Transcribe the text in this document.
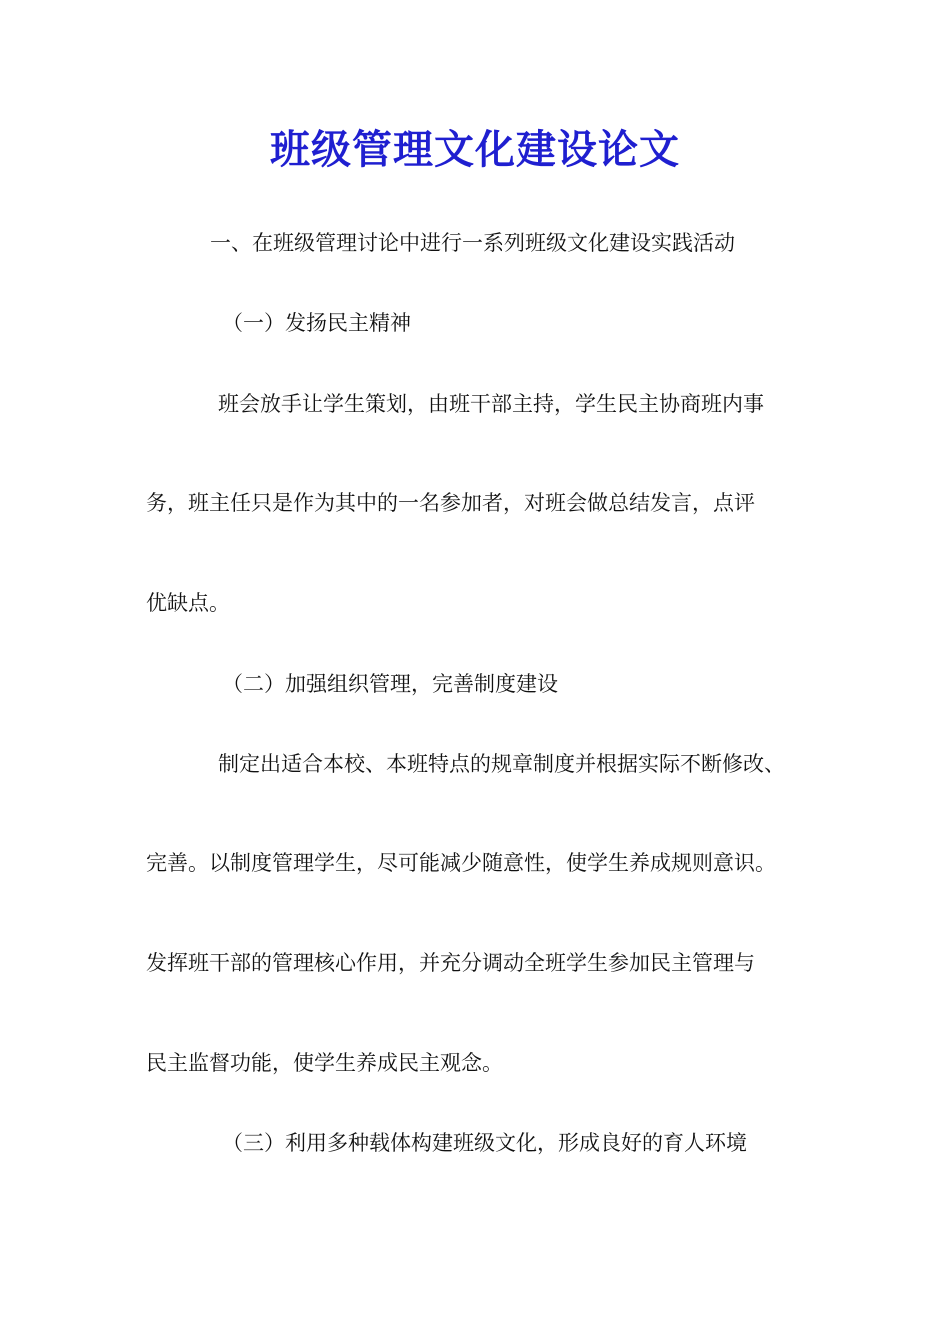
班级管理文化建设论文
一、在班级管理讨论中进行一系列班级文化建设实践活动
（一）发扬民主精神
班会放手让学生策划，由班干部主持，学生民主协商班内事
务，班主任只是作为其中的一名参加者，对班会做总结发言，点评
优缺点。
（二）加强组织管理，完善制度建设
制定出适合本校、本班特点的规章制度并根据实际不断修改、
完善。以制度管理学生，尽可能减少随意性，使学生养成规则意识。
发挥班干部的管理核心作用，并充分调动全班学生参加民主管理与
民主监督功能，使学生养成民主观念。
（三）利用多种载体构建班级文化，形成良好的育人环境
